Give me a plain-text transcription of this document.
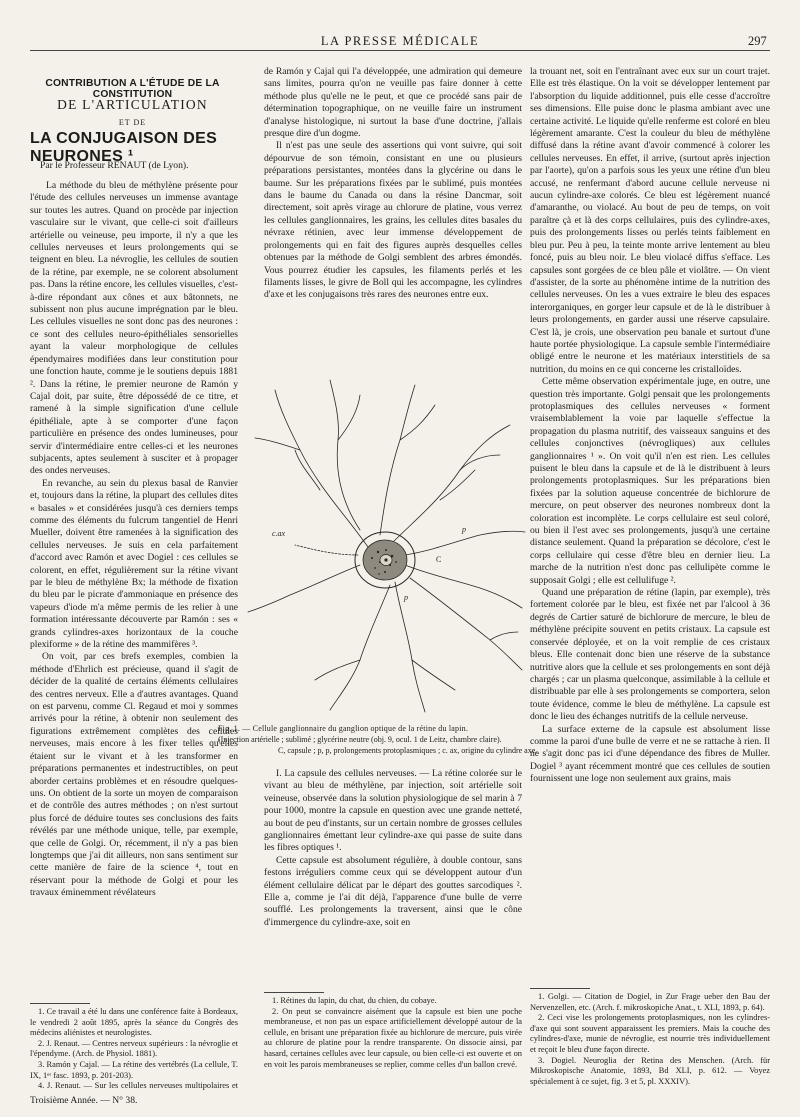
LA PRESSE MÉDICALE	297
CONTRIBUTION A L'ÉTUDE DE LA CONSTITUTION
DE L'ARTICULATION
ET DE
LA CONJUGAISON DES NEURONES ¹
Par le Professeur RENAUT (de Lyon).

La méthode du bleu de méthylène présente pour l'étude des cellules nerveuses un immense avantage sur toutes les autres. Quand on procède par injection vasculaire sur le vivant, que celle-ci soit d'ailleurs artérielle ou veineuse, peu importe, il n'y a que les cellules nerveuses et leurs prolongements qui se teignent en bleu. La névroglie, les cellules de soutien de la rétine, par exemple, ne se colorent absolument pas. Dans la rétine encore, les cellules visuelles, c'est-à-dire répondant aux cônes et aux bâtonnets, ne subissent non plus aucune imprégnation par le bleu. Les cellules visuelles ne sont donc pas des neurones : ce sont des cellules neuro-épithéliales sensorielles ayant la valeur morphologique de cellules épendymaires modifiées dans leur constitution pour une fonction haute, comme je le soutiens depuis 1881 ². Dans la rétine, le premier neurone de Ramón y Cajal doit, par suite, être dépossédé de ce titre, et ramené à la simple signification d'une cellule épithéliale, apte à se comporter d'une façon particulière en présence des ondes lumineuses, pour servir d'intermédiaire entre celles-ci et les neurones subjacents, aptes seulement à susciter et à propager des ondes nerveuses.

En revanche, au sein du plexus basal de Ranvier et, toujours dans la rétine, la plupart des cellules dites « basales » et considérées jusqu'à ces derniers temps comme des éléments du fulcrum tangentiel de Henri Mueller, doivent être ramenées à la signification des cellules nerveuses. Je suis en cela parfaitement d'accord avec Ramón et avec Dogiel : ces cellules se colorent, en effet, régulièrement sur la rétine vivant par le bleu de méthylène Bx; la méthode de fixation du bleu par le picrate d'ammoniaque en présence des vapeurs d'iode m'a même permis de les relier à une formation intéressante découverte par Ramón : ses « grands cylindres-axes horizontaux de la couche plexiforme » de la rétine des mammifères ³.

On voit, par ces brefs exemples, combien la méthode d'Ehrlich est précieuse, quand il s'agit de décider de la qualité de certains éléments cellulaires des centres nerveux. Elle a d'autres avantages. Quand on est parvenu, comme Cl. Regaud et moi y sommes arrivés pour la rétine, à obtenir non seulement des figurations extrêmement complètes des cellules nerveuses, mais encore à les fixer telles qu'elles étaient sur le vivant et à les transformer en préparations permanentes et indestructibles, on peut aborder certains problèmes et en résoudre quelques-uns. On obtient de la sorte un moyen de comparaison et de contrôle des autres méthodes ; on n'est surtout plus forcé de déduire toutes ses conclusions des faits révélés par une méthode unique, telle, par exemple, que celle de Golgi. Or, récemment, il n'y a pas bien longtemps que j'ai dit ailleurs, non sans sentiment sur cette manière de faire de la science ⁴, tout en réservant pour la méthode de Golgi et pour les travaux éminemment révélateurs

de Ramón y Cajal qui l'a développée, une admiration qui demeure sans limites, pourra qu'on ne veuille pas faire donner à cette méthode plus qu'elle ne le peut, et que ce procédé sans pair de détermination topographique, on ne veuille faire un instrument d'analyse histologique, ni surtout la base d'une doctrine, j'allais presque dire d'un dogme.

Il n'est pas une seule des assertions qui vont suivre, qui soit dépourvue de son témoin, consistant en une ou plusieurs préparations persistantes, montées dans la glycérine ou dans le baume. Sur les préparations fixées par le sublimé, puis montées dans le baume du Canada ou dans la résine Dancmar, soit directement, soit après virage au chlorure de platine, vous verrez les cellules ganglionnaires, les grains, les cellules dites basales du névraxe rétinien, avec leur immense développement de prolongements qui en fait des figures auprès desquelles celles obtenues par la méthode de Golgi semblent des arbres émondés. Vous pourrez étudier les capsules, les filaments perlés et les filaments lisses, le givre de Boll qui les accompagne, les cylindres d'axe et les conjugaisons très rares des neurones entre eux.

la trouant net, soit en l'entraînant avec eux sur un court trajet. Elle est très élastique. On la voit se développer lentement par l'absorption du liquide additionnel, puis elle cesse d'accroître ses dimensions. Elle puise donc le plasma ambiant avec une certaine activité. Le liquide qu'elle renferme est coloré en bleu légèrement amarante. C'est la couleur du bleu de méthylène diffusé dans la rétine avant d'avoir commencé à colorer les cellules nerveuses. En effet, il arrive, (surtout après injection par l'aorte), qu'on a parfois sous les yeux une rétine d'un bleu accusé, ne renfermant d'abord aucune cellule nerveuse ni aucun cylindre-axe colorés. Ce bleu est légèrement nuancé d'amaranthe, ou violacé. Au bout de peu de temps, on voit paraître çà et là des corps cellulaires, puis des cylindre-axes, puis des prolongements lisses ou perlés teints faiblement en bleu pur. Peu à peu, la teinte monte arrive lentement au bleu foncé, puis au bleu noir. Le bleu violacé diffus s'efface. Les capsules sont gorgées de ce bleu pâle et violâtre. — On vient d'assister, de la sorte au phénomène intime de la nutrition des cellules nerveuses. On les a vues extraire le bleu des espaces interorganiques, en gorger leur capsule et de là le distribuer à leurs prolongements, en garder aussi une réserve capsulaire. C'est là, je crois, une observation peu banale et surtout d'une haute portée physiologique. La capsule semble l'intermédiaire obligé entre le neurone et les matériaux interstitiels de sa nutrition, du moins en ce qui concerne les cristalloïdes.

Cette même observation expérimentale juge, en outre, une question très importante. Golgi pensait que les prolongements protoplasmiques des cellules nerveuses « forment vraisemblablement la voie par laquelle s'effectue la propagation du plasma nutritif, des vaisseaux sanguins et des cellules conjonctives (névrogliques) aux cellules ganglionnaires ¹ ». On voit qu'il n'en est rien. Les cellules puisent le bleu dans la capsule et de là le distribuent à leurs prolongements protoplasmiques. Sur les préparations bien fixées par la solution aqueuse concentrée de bichlorure de mercure, on peut observer des neurones nombreux dont la coloration est incomplète. Le corps cellulaire est seul coloré, ou bien il l'est avec ses prolongements, jusqu'à une certaine distance seulement. Quand la préparation se décolore, c'est le corps cellulaire qui cesse d'être bleu en dernier lieu. La marche de la nutrition n'est donc pas cellulipète comme le supposait Golgi ; elle est cellulifuge ².

Quand une préparation de rétine (lapin, par exemple), très fortement colorée par le bleu, est fixée net par l'alcool à 36 degrés de Cartier saturé de bichlorure de mercure, le bleu de méthylène précipite souvent en petits cristaux. La capsule est conservée déployée, et on la voit remplie de ces cristaux bleus. Elle contenait donc bien une réserve de la substance nutritive alors que la cellule et ses prolongements en sont déjà chargés ; car un plasma quelconque, assimilable à la cellule et distribuable par elle à ses prolongements se comportera, selon toute évidence, comme le bleu de méthylène. La capsule est donc le lieu des échanges nutritifs de la cellule nerveuse.

La surface externe de la capsule est absolument lisse comme la paroi d'une bulle de verre et ne se rattache à rien. Il ne s'agit donc pas ici d'une dépendance des fibres de Muller. Dogiel ³ ayant récemment montré que ces cellules de soutien fournissent une loge non seulement aux grains, mais

c.ax	p
C
p
Fig. 1. — Cellule ganglionnaire du ganglion optique de la rétine du lapin.
(Injection artérielle ; sublimé ; glycérine neutre (obj. 9, ocul. 1 de Leitz, chambre claire).
C, capsule ; p, p, prolongements protoplasmiques ; c. ax, origine du cylindre axe.

I. La capsule des cellules nerveuses. — La rétine colorée sur le vivant au bleu de méthylène, par injection, soit artérielle soit veineuse, observée dans la solution physiologique de sel marin à 7 pour 1000, montre la capsule en question avec une grande netteté, au bout de peu d'instants, sur un certain nombre de grosses cellules ganglionnaires émettant leur cylindre-axe qui passe de suite dans les fibres optiques ¹.

Cette capsule est absolument régulière, à double contour, sans festons irréguliers comme ceux qui se développent autour d'un élément cellulaire délicat par le départ des gouttes sarcodiques ². Elle a, comme je l'ai dit déjà, l'apparence d'une bulle de verre soufflé. Les prolongements la traversent, ainsi que le cône d'immergence du cylindre-axe, soit en

1. Ce travail a été lu dans une conférence faite à Bordeaux, le vendredi 2 août 1895, après la séance du Congrès des médecins aliénistes et neurologistes.

2. J. Renaut. — Centres nerveux supérieurs : la névroglie et l'épendyme. (Arch. de Physiol. 1881).

3. Ramón y Cajal. — La rétine des vertébrés (La cellule, T. IX, 1ᵉʳ fasc. 1893, p. 201-203).

4. J. Renaut. — Sur les cellules nerveuses multipolaires et

Troisième Année. — N° 38.

1. Rétines du lapin, du chat, du chien, du cobaye.

2. On peut se convaincre aisément que la capsule est bien une poche membraneuse, et non pas un espace artificiellement développé autour de la cellule, en brisant une préparation fixée au bichlorure de mercure, puis virée au chlorure de platine pour la rendre transparente. On dissocie ainsi, par hasard, certaines cellules avec leur capsule, ou bien celle-ci est ouverte et on en voit les parois membraneuses se replier, comme celles d'un ballon crevé.

1. Golgi. — Citation de Dogiel, in Zur Frage ueber den Bau der Nervenzellen, etc. (Arch. f. mikroskopiche Anat., t. XLI, 1893, p. 64).

2. Ceci vise les prolongements protoplasmiques, non les cylindres-d'axe qui sont souvent apparaissent les premiers. Mais la couche des cylindres-d'axe, munie de névroglie, est nourrie très individuellement et reçoit le bleu d'une façon directe.

3. Dogiel. Neuroglia der Retina des Menschen. (Arch. für Mikroskopische Anatomie, 1893, Bd XLI, p. 612. — Voyez spécialement à ce sujet, fig. 3 et 5, pl. XXXIV).
